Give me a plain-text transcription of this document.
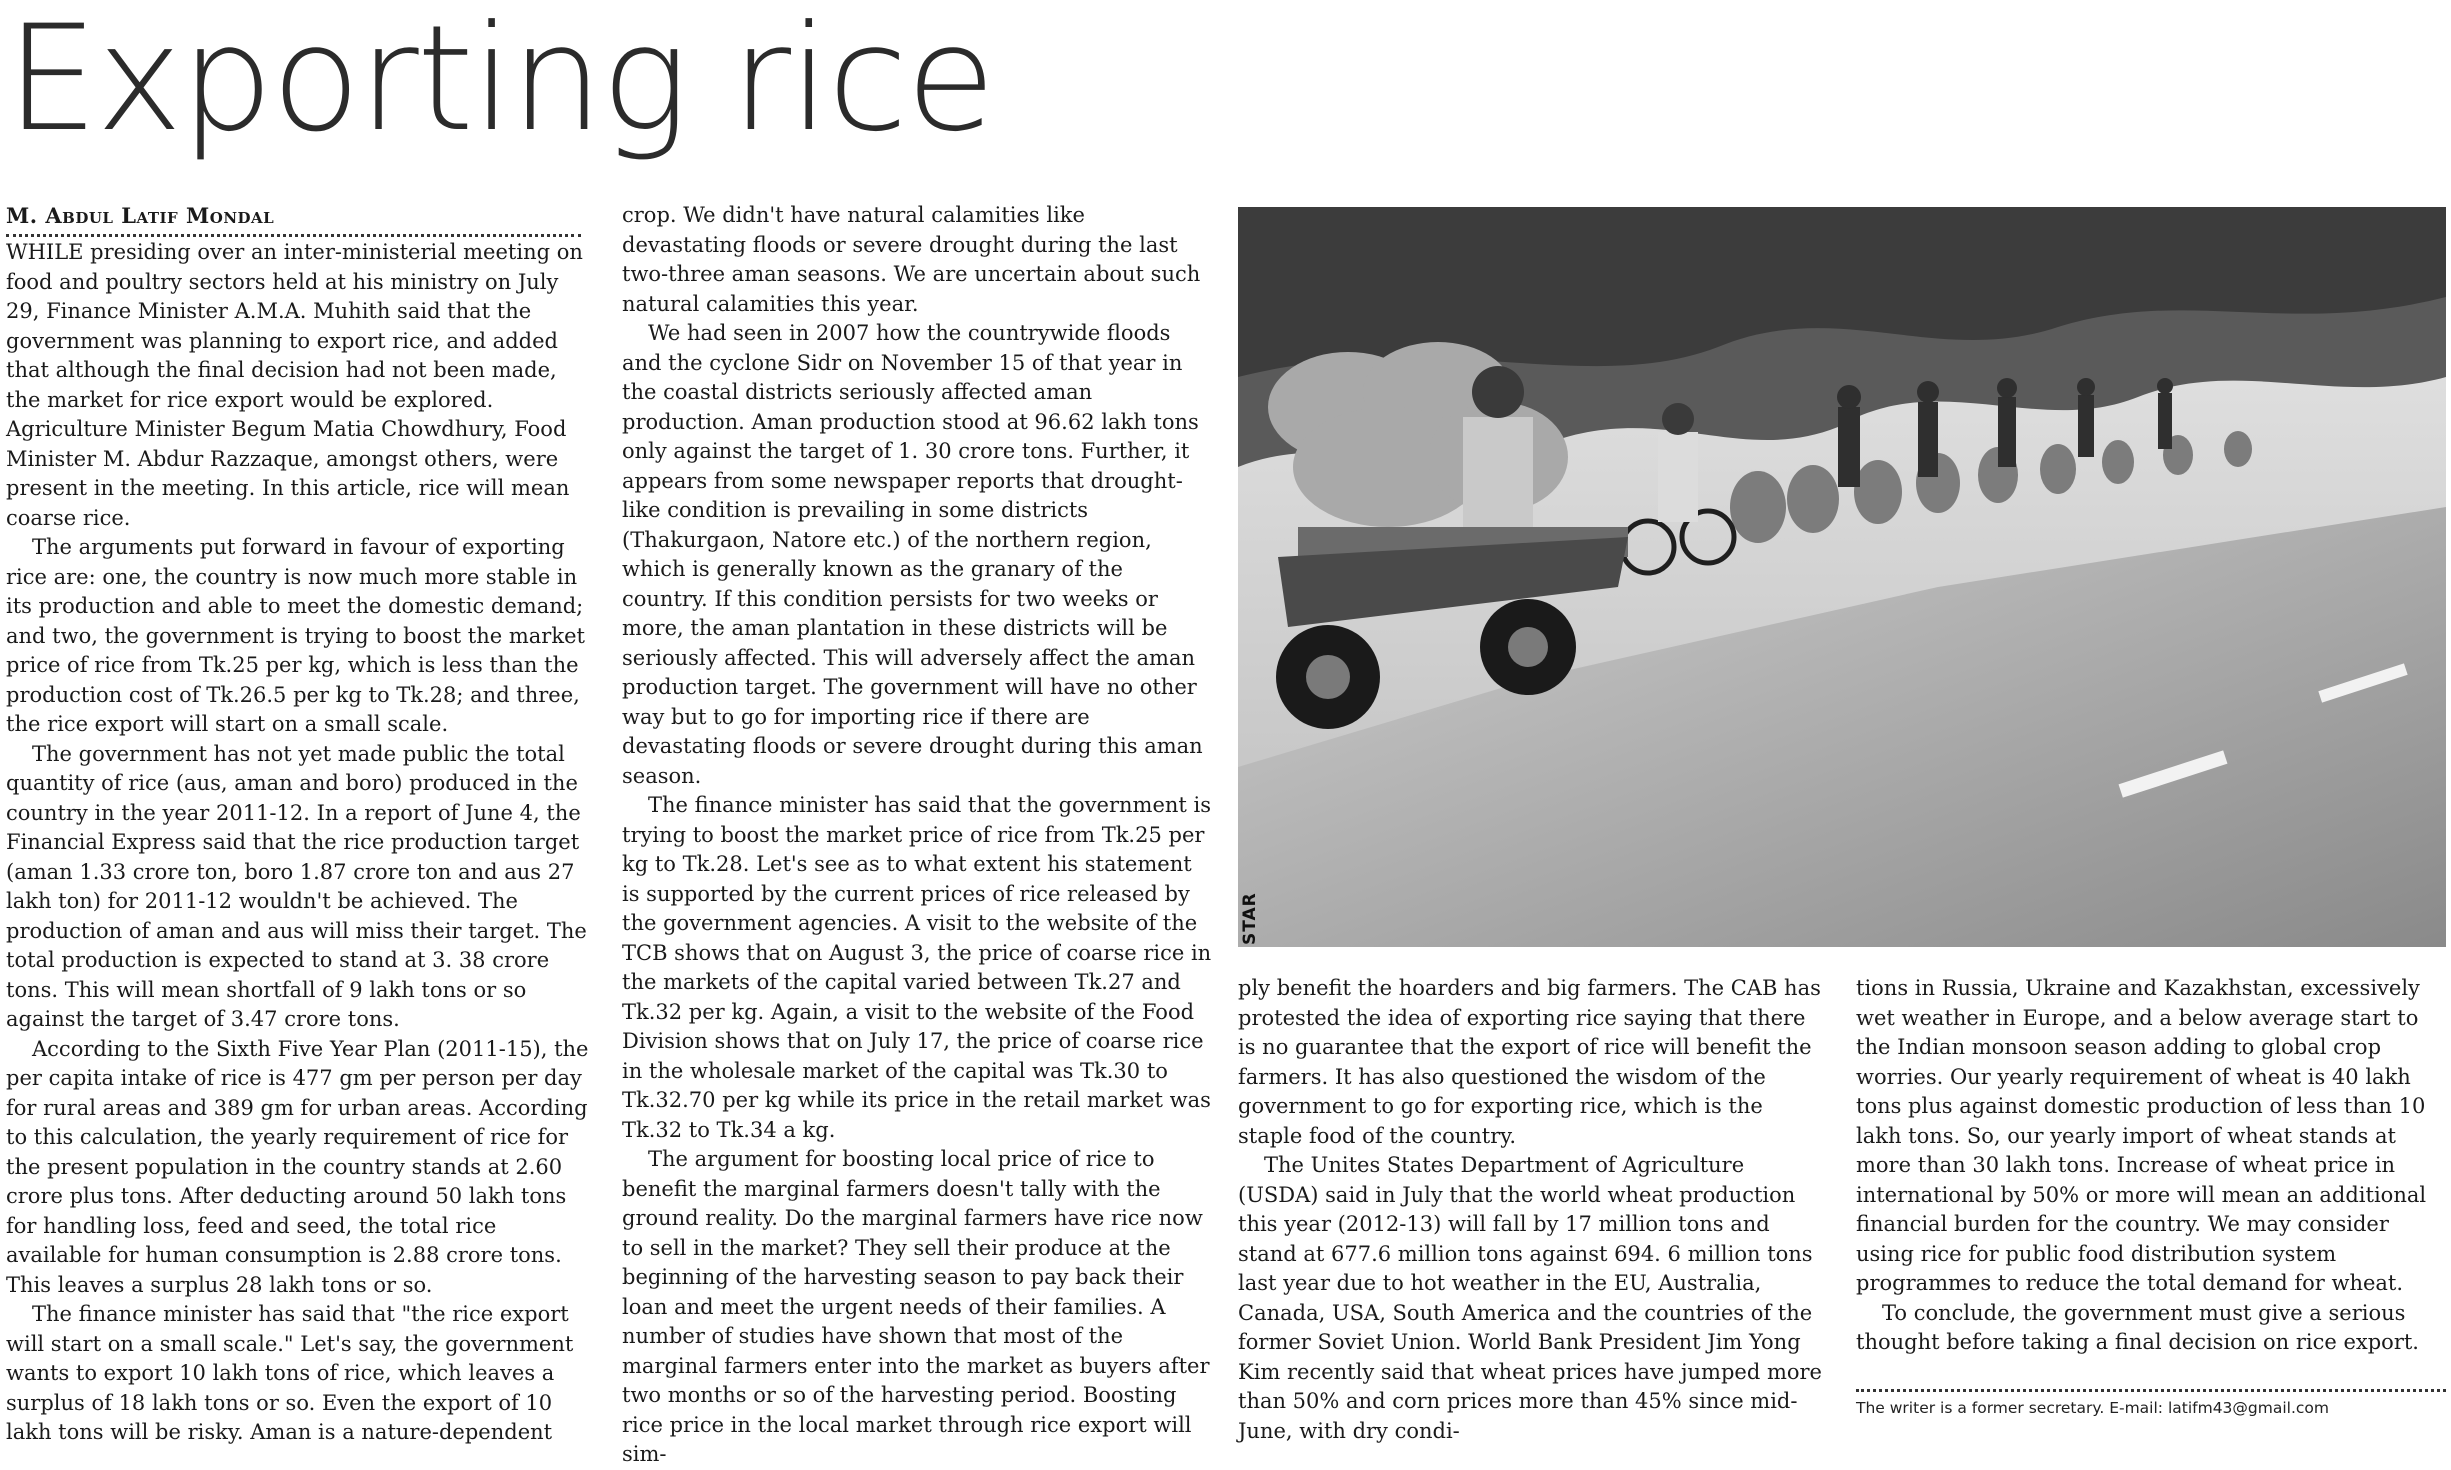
Exporting rice
M. Abdul Latif Mondal

WHILE presiding over an inter-ministerial meeting on food and poultry sectors held at his ministry on July 29, Finance Minister A.M.A. Muhith said that the government was planning to export rice, and added that although the final decision had not been made, the market for rice export would be explored. Agriculture Minister Begum Matia Chowdhury, Food Minister M. Abdur Razzaque, amongst others, were present in the meeting. In this article, rice will mean coarse rice.

The arguments put forward in favour of exporting rice are: one, the country is now much more stable in its production and able to meet the domestic demand; and two, the government is trying to boost the market price of rice from Tk.25 per kg, which is less than the production cost of Tk.26.5 per kg to Tk.28; and three, the rice export will start on a small scale.

The government has not yet made public the total quantity of rice (aus, aman and boro) produced in the country in the year 2011-12. In a report of June 4, the Financial Express said that the rice production target (aman 1.33 crore ton, boro 1.87 crore ton and aus 27 lakh ton) for 2011-12 wouldn't be achieved. The production of aman and aus will miss their target. The total production is expected to stand at 3. 38 crore tons. This will mean shortfall of 9 lakh tons or so against the target of 3.47 crore tons.

According to the Sixth Five Year Plan (2011-15), the per capita intake of rice is 477 gm per person per day for rural areas and 389 gm for urban areas. According to this calculation, the yearly requirement of rice for the present population in the country stands at 2.60 crore plus tons. After deducting around 50 lakh tons for handling loss, feed and seed, the total rice available for human consumption is 2.88 crore tons. This leaves a surplus 28 lakh tons or so.

The finance minister has said that "the rice export will start on a small scale." Let's say, the government wants to export 10 lakh tons of rice, which leaves a surplus of 18 lakh tons or so. Even the export of 10 lakh tons will be risky. Aman is a nature-dependent

crop. We didn't have natural calamities like devastating floods or severe drought during the last two-three aman seasons. We are uncertain about such natural calamities this year.

We had seen in 2007 how the countrywide floods and the cyclone Sidr on November 15 of that year in the coastal districts seriously affected aman production. Aman production stood at 96.62 lakh tons only against the target of 1. 30 crore tons. Further, it appears from some newspaper reports that drought-like condition is prevailing in some districts (Thakurgaon, Natore etc.) of the northern region, which is generally known as the granary of the country. If this condition persists for two weeks or more, the aman plantation in these districts will be seriously affected. This will adversely affect the aman production target. The government will have no other way but to go for importing rice if there are devastating floods or severe drought during this aman season.

The finance minister has said that the government is trying to boost the market price of rice from Tk.25 per kg to Tk.28. Let's see as to what extent his statement is supported by the current prices of rice released by the government agencies. A visit to the website of the TCB shows that on August 3, the price of coarse rice in the markets of the capital varied between Tk.27 and Tk.32 per kg. Again, a visit to the website of the Food Division shows that on July 17, the price of coarse rice in the wholesale market of the capital was Tk.30 to Tk.32.70 per kg while its price in the retail market was Tk.32 to Tk.34 a kg.

The argument for boosting local price of rice to benefit the marginal farmers doesn't tally with the ground reality. Do the marginal farmers have rice now to sell in the market? They sell their produce at the beginning of the harvesting season to pay back their loan and meet the urgent needs of their families. A number of studies have shown that most of the marginal farmers enter into the market as buyers after two months or so of the harvesting period. Boosting rice price in the local market through rice export will sim-

STAR

ply benefit the hoarders and big farmers. The CAB has protested the idea of exporting rice saying that there is no guarantee that the export of rice will benefit the farmers. It has also questioned the wisdom of the government to go for exporting rice, which is the staple food of the country.

The Unites States Department of Agriculture (USDA) said in July that the world wheat production this year (2012-13) will fall by 17 million tons and stand at 677.6 million tons against 694. 6 million tons last year due to hot weather in the EU, Australia, Canada, USA, South America and the countries of the former Soviet Union. World Bank President Jim Yong Kim recently said that wheat prices have jumped more than 50% and corn prices more than 45% since mid-June, with dry condi-

tions in Russia, Ukraine and Kazakhstan, excessively wet weather in Europe, and a below average start to the Indian monsoon season adding to global crop worries. Our yearly requirement of wheat is 40 lakh tons plus against domestic production of less than 10 lakh tons. So, our yearly import of wheat stands at more than 30 lakh tons. Increase of wheat price in international by 50% or more will mean an additional financial burden for the country. We may consider using rice for public food distribution system programmes to reduce the total demand for wheat.

To conclude, the government must give a serious thought before taking a final decision on rice export.

The writer is a former secretary. E-mail: latifm43@gmail.com
